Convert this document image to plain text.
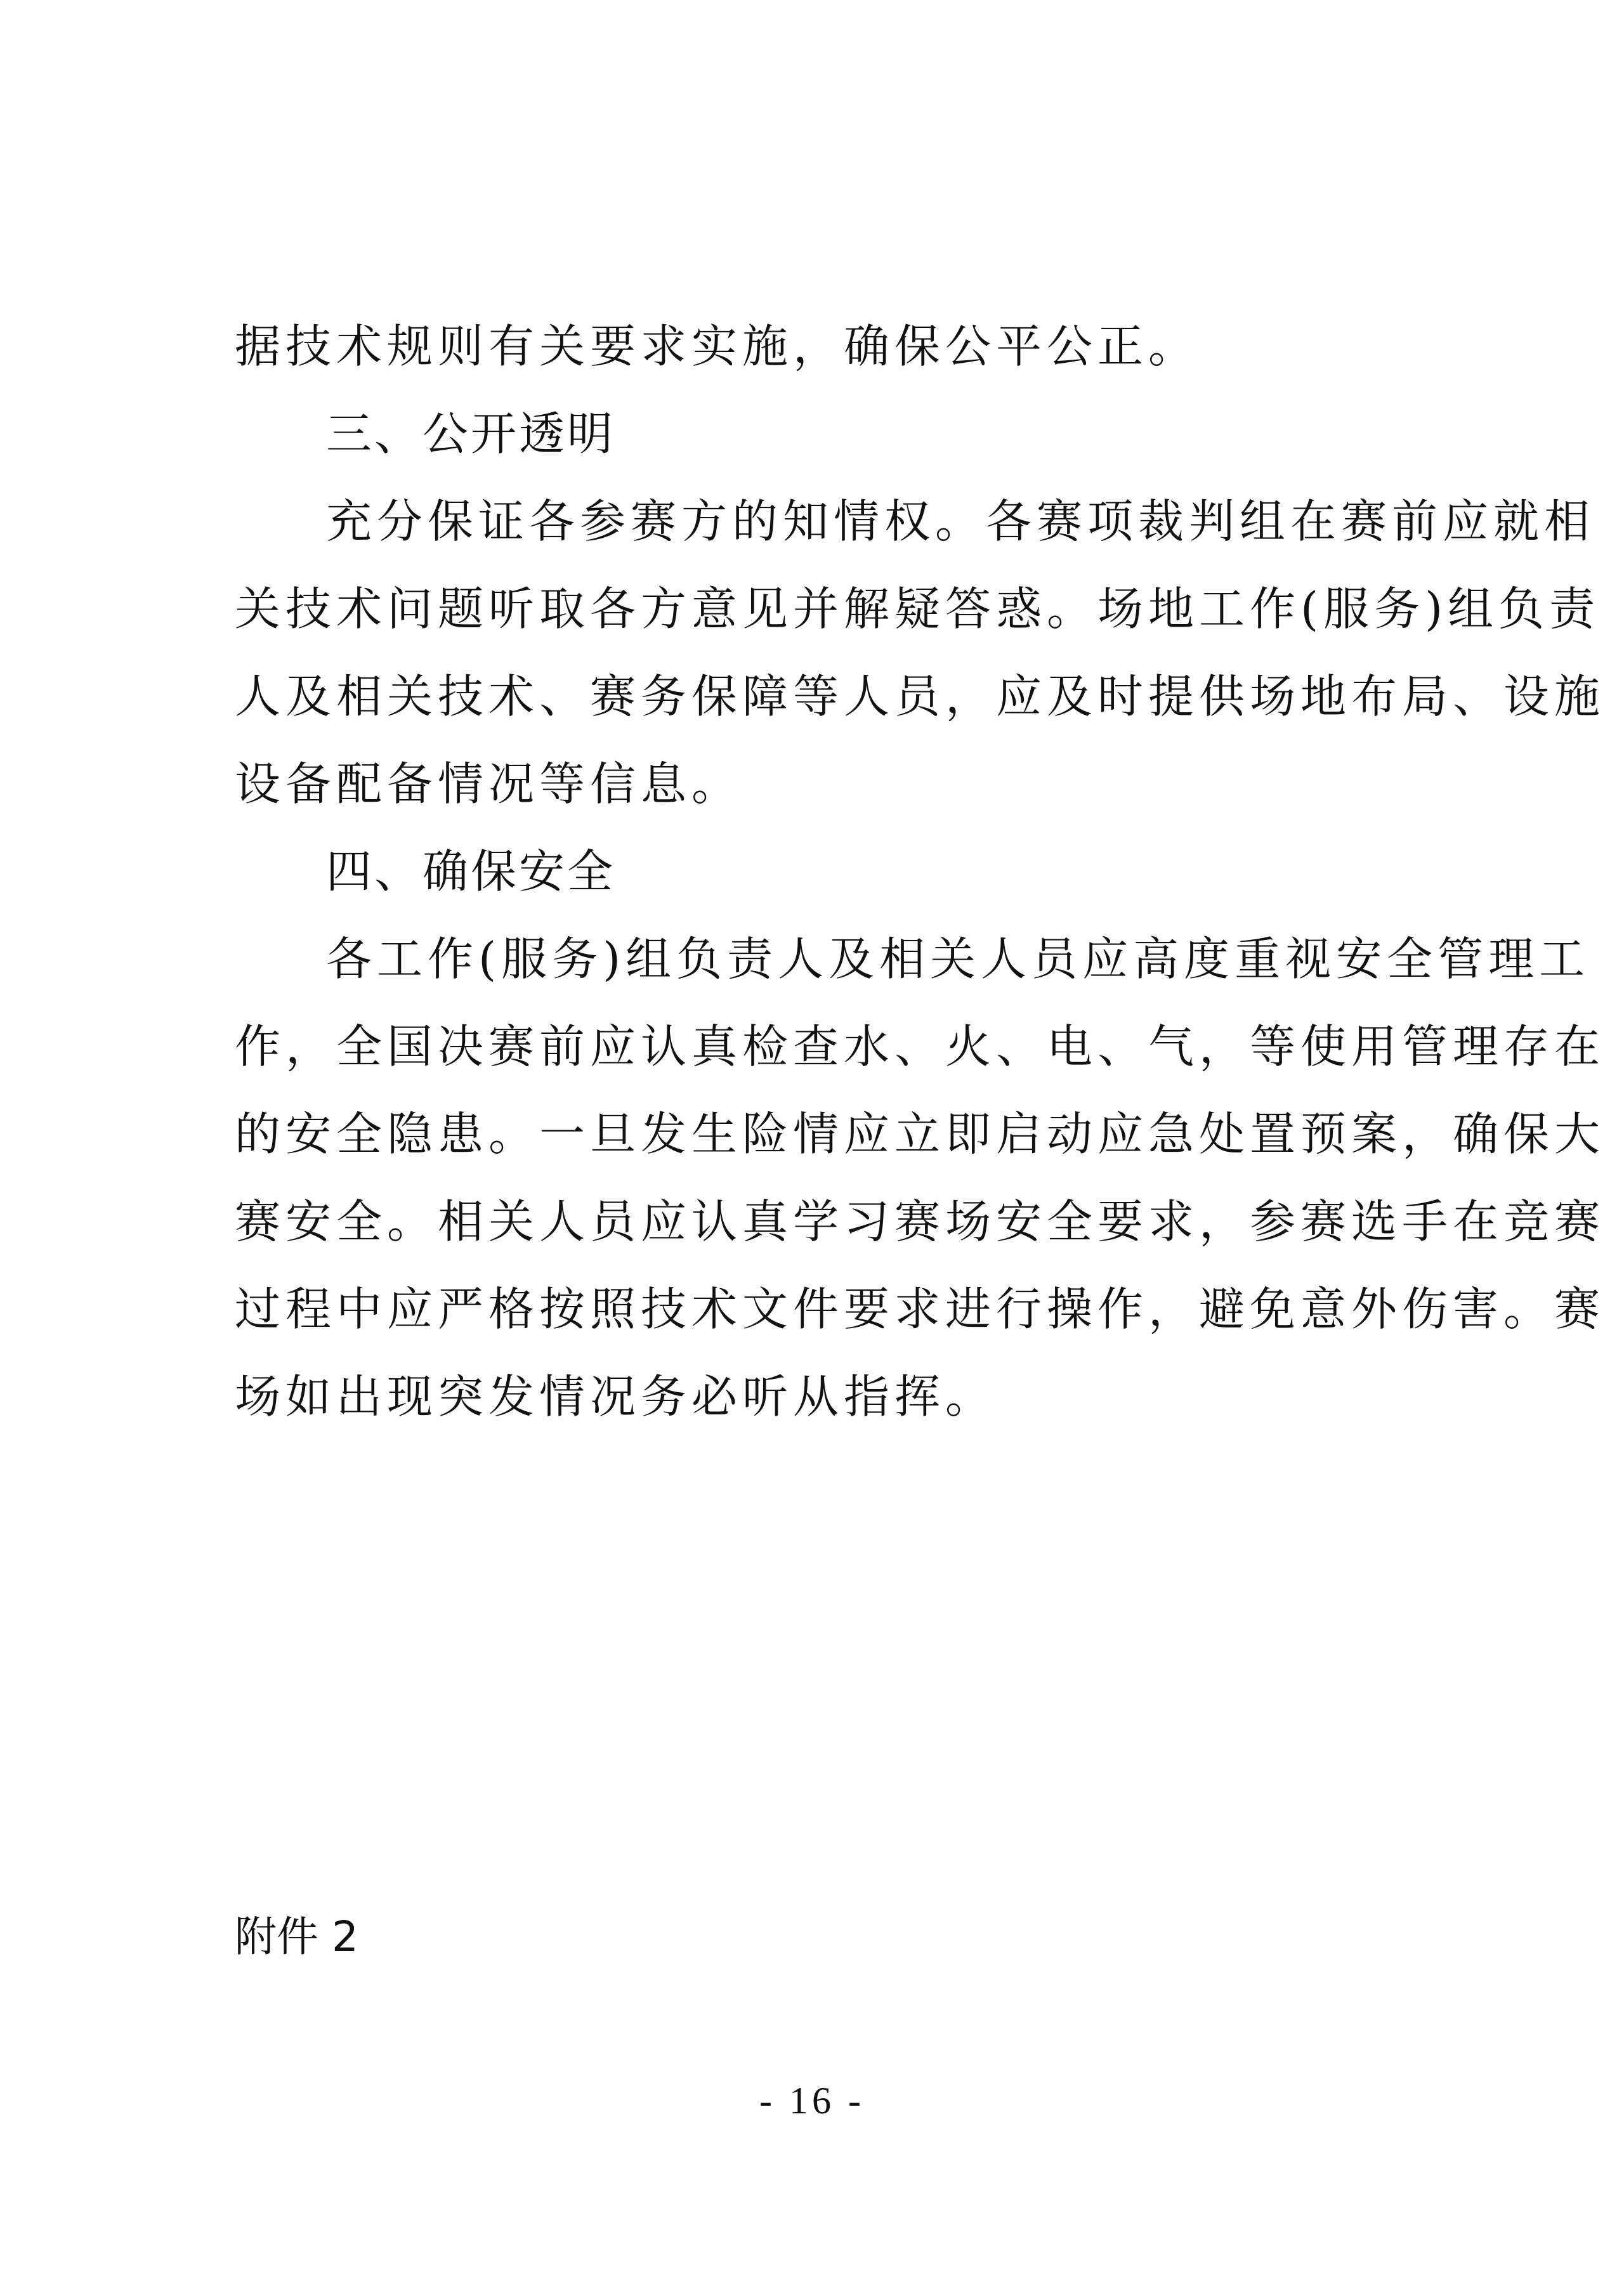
据技术规则有关要求实施，确保公平公正。
三、公开透明
充分保证各参赛方的知情权。各赛项裁判组在赛前应就相
关技术问题听取各方意见并解疑答惑。场地工作(服务)组负责
人及相关技术、赛务保障等人员，应及时提供场地布局、设施
设备配备情况等信息。
四、确保安全
各工作(服务)组负责人及相关人员应高度重视安全管理工
作，全国决赛前应认真检查水、火、电、气，等使用管理存在
的安全隐患。一旦发生险情应立即启动应急处置预案，确保大
赛安全。相关人员应认真学习赛场安全要求，参赛选手在竞赛
过程中应严格按照技术文件要求进行操作，避免意外伤害。赛
场如出现突发情况务必听从指挥。
附件 2
- 16 -
